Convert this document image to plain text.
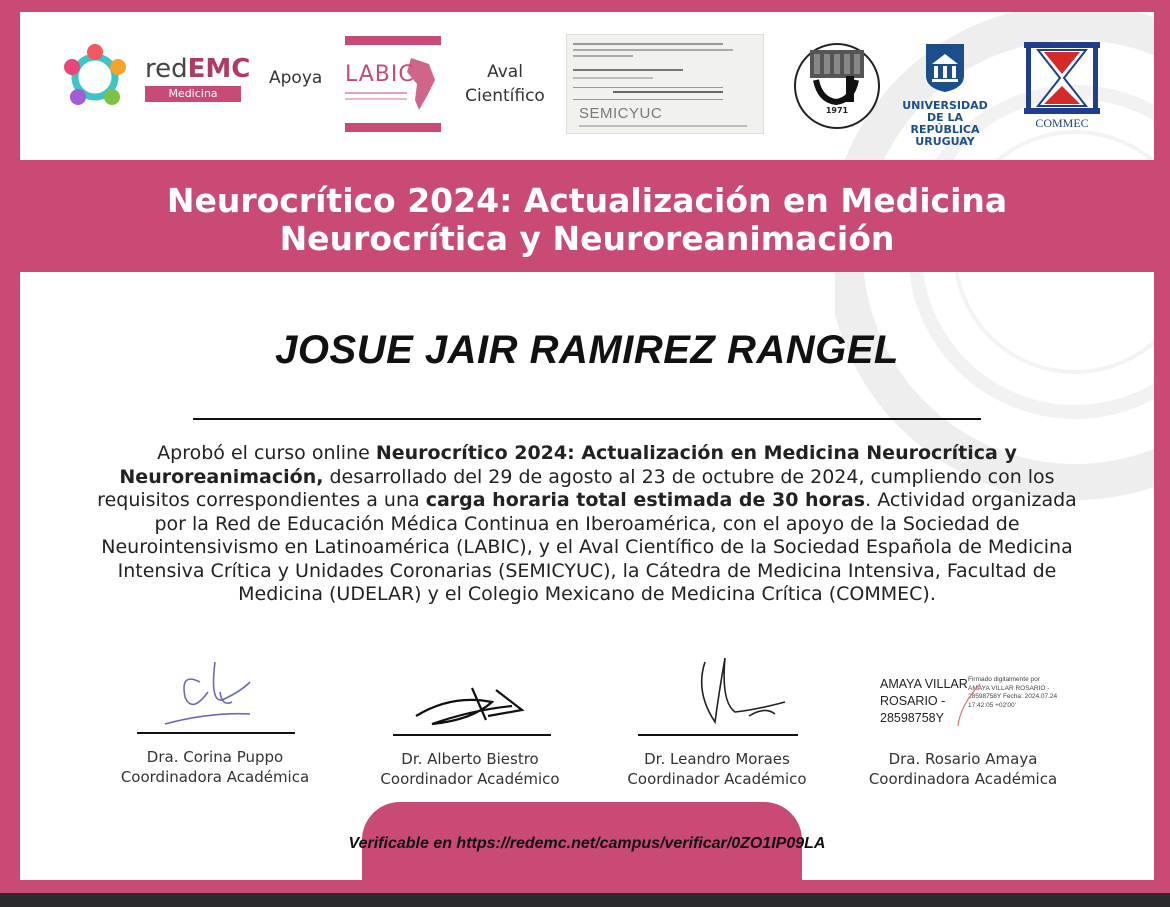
redEMC
Medicina Intensiva
Apoya LABIC	Aval
Científico
SEMICYUC	1971	UNIVERSIDAD
DE LA REPÚBLICA
URUGUAY
COMMEC
Neurocrítico 2024: Actualización en Medicina
Neurocrítica y Neuroreanimación
JOSUE JAIR RAMIREZ RANGEL
Aprobó el curso online Neurocrítico 2024: Actualización en Medicina Neurocrítica y Neuroreanimación, desarrollado del 29 de agosto al 23 de octubre de 2024, cumpliendo con los requisitos correspondientes a una carga horaria total estimada de 30 horas. Actividad organizada por la Red de Educación Médica Continua en Iberoamérica, con el apoyo de la Sociedad de Neurointensivismo en Latinoamérica (LABIC), y el Aval Científico de la Sociedad Española de Medicina Intensiva Crítica y Unidades Coronarias (SEMICYUC), la Cátedra de Medicina Intensiva, Facultad de Medicina (UDELAR) y el Colegio Mexicano de Medicina Crítica (COMMEC).
Dra. Corina Puppo
Coordinadora Académica
Dr. Alberto Biestro
Coordinador Académico
Dr. Leandro Moraes
Coordinador Académico
AMAYA VILLAR
ROSARIO -
28598758Y
Firmado digitalmente por AMAYA VILLAR ROSARIO - 28598758Y Fecha: 2024.07.24 17:42:05 +02'00'
Dra. Rosario Amaya
Coordinadora Académica
Verificable en https://redemc.net/campus/verificar/0ZO1IP09LA
